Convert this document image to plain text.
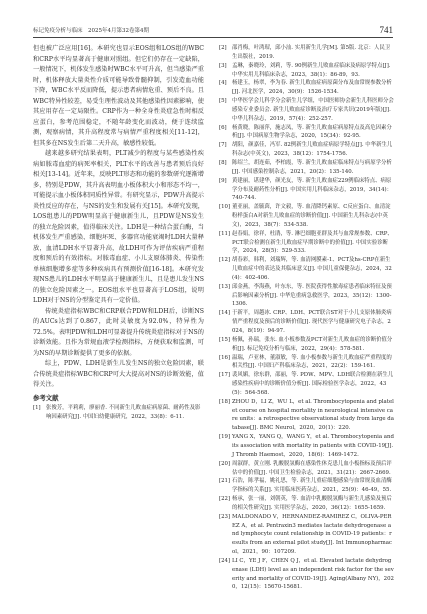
标记免疫分析与临床　2025年4月第32卷第4期	741

但也被广泛应用[16]。本研究也显示EOS组和LOS组的WBC和CRP水平均显著高于健康对照组。但它们仍存在一定缺陷，一般情况下，机体发生感染时WBC水平可升高，但当感染严重时，机体释放大量炎性介质可能导致骨髓抑制，引发造血功能下降，WBC水平反而降低，提示患者病情危重、预后不良。且WBC特异性较差，易受生理性波动及其他感染性因素影响，使其应用存在一定局限性。CRP作为一种全身性炎症急性时相反应蛋白，参考范围稳定，不随年龄变化而波动，便于连续监测，观察病情，其升高程度常与病情严重程度相关[11-12]，但其多在NS发生后第二天升高，敏感性较低。

越来越多研究结果表明，PLT减少的程度与某些感染性疾病如脓毒血症的病死率相关，PLT水平的改善与患者预后良好相关[13-14]。近年来，反映PLT形态和功能的参数研究逐渐增多，特别是PDW，其升高表明血小板体积大小和形态不均一，可能提示血小板体积同质性异常。有研究显示，PDW升高提示炎性反应的存在，与NS的发生和发展有关[15]。本研究发现，LOS组患儿的PDW明显高于健康新生儿，且PDW是NS发生的独立危险因素，值得临床关注。LDH是一种结合蛋白酶，当机体发生严重感染、细胞坏死、多器官功能衰竭时LDH大量释放，血清LDH水平显著升高，故LDH可作为评估疾病严重程度和预后的有效指标。对脓毒血症、小儿支原体肺炎、传染性单核细胞增多症等多种疾病具有预测价值[16-18]。本研究发现NS患儿的LDH水平明显高于健康新生儿，且是患儿发生NS的独立危险因素之一。EOS组水平也显著高于LOS组，说明LDH对于NS的分型鉴定具有一定价值。

传统炎症指标WBC和CRP联合PDW和LDH后，诊断NS的AUCs达到了0.867，此时灵敏度为92.0%，特异性为72.5%。表明PDW和LDH可显著提升传统炎症指标对于NS的诊断效能。且作为常规血液学检测指标，方便获取和监测，可为NS的早期诊断提供了更多的依据。

综上，PDW、LDH是新生儿发生NS的独立危险因素，联合传统炎症指标WBC和CRP可大大提高对NS的诊断效能，值得关注。

参考文献
[1] 张俊芳，平莉莉，廖丽香. 不同新生儿败血症病原菌、耐药性及影响因素研究[J]. 中国妇幼健康研究，2022，33(8)：6-11.
[2] 邵肖梅，叶鸿瑁，邱小汕. 实用新生儿学[M]. 第5版. 北京：人民卫生出版社，2019.
[3] 孟琳，秦晓玲，刘莉，等. 90例新生儿败血症临床及病原学特点[J]. 中华实用儿科临床杂志，2023，38(1)：86-89，93.
[4] 杨建玉，杨翠，李为春. 新生儿败血症病原菌分布及血常规参数分析[J]. 河北医学，2024，30(9)：1526-1534.
[5] 中华医学会儿科学分会新生儿学组，中国医师协会新生儿科医师分会感染专业委员会. 新生儿败血症诊断及治疗专家共识(2019年版)[J]. 中华儿科杂志，2019，57(4)：252-257.
[6] 杨黄晓，陈丽萍，施志凤，等. 新生儿败血症病原特点及高危因素分析[J]. 中国病原生物学杂志，2020，15(34)：92-95.
[7] 胡阳，颜嘉佳，冯军. 82例新生儿败血症病原学特点[J]. 中华新生儿科杂志(中英文)，2023，38(12)：1754-1756.
[8] 陈绍兰，胡连茹，李柏霞，等. 新生儿败血症临床特点与病原学分析[J]. 中国感染控制杂志，2021，20(2)：135-140.
[9] 黄建丽，谌建华，颜光友，等. 新生儿败血症229例临床特点、病原学分布及耐药性分析[J]. 中国实用儿科临床杂志，2019，34(14)：740-744.
[10] 董亚丽，盖毓茵，许文毅，等. 血清降钙素原、C反应蛋白、血清淀粉样蛋白A对新生儿败血症的诊断价值[J]. 中国新生儿科杂志(中英文)，2023，38(7)：534-538.
[11] 赵春娟，徐祥，杜鹃，等. 淋巴细胞亚群及其与血常规参数、CRP、PCT联合检测在新生儿败血症早期诊断中的价值[J]. 中国实验诊断学，2024，28(5)：529-533.
[12] 胡春彩，韩利，刘瑞辉，等. 血清网膜素-1、PCT及hs-CRP在新生儿败血症中的表达及其临床意义[J]. 中国儿童保健杂志，2024，32(4)：402-406.
[13] 邱金燕，李海燕，叶东东，等. 医院获得性脓毒症患者临床特征及预后影响因素分析[J]. 中华危重病急救医学，2023，35(12)：1300-1306.
[14] 于新平，周越冰. CRP、LDH、PCT联合ST对于小儿支原体肺炎病情严重程度及预后的诊断价值[J]. 现代医学与健康研究电子杂志，2024，8(19)：94-97.
[15] 杨佩，孙瑞，张东. 血小板参数及PCT对新生儿败血症的诊断价值分析[J]. 标记免疫分析与临床，2022，29(4)：578-581.
[16] 温瑞，卢亚林，董淑敏，等. 血小板参数与新生儿败血症严重程度的相关性[J]. 中国妇产科临床杂志，2021，22(2)：159-161.
[17] 裴风媚，徐东群，邵丽，等. PDW、MPV、LDH联合检测在新生儿感染性疾病中的诊断价值分析[J]. 国际检验医学杂志，2022，43(5)：564-568.
[18] ZHOU D，LI Z，WU L，et al. Thrombocytopenia and platelet course on hospital mortality in neurological intensive care units：a retrospective observational study from large database[J]. BMC Neurol，2020，20(1)：220.
[19] YANG X，YANG Q，WANG Y，et al. Thrombocytopenia and its association with mortality in patients with COVID-19[J]. J Thromb Haemost，2020，18(6)：1469-1472.
[20] 周淑群，黄立刚. 乳酸脱氢酶在感染性休克患儿血小板指标及预后评估中的价值[J]. 中国卫生检验杂志，2021，31(21)：2667-2669.
[21] 石浩，陈孝福，姚礼思，等. 新生儿重症细胞感染与血常规及血清酶学指标的关系[J]. 实用临床医药杂志，2021，25(9)：46-49，55.
[22] 杨承，张一丽，刘朝英，等. 血清中乳酸脱氢酶与新生儿感染及预后的相关性研究[J]. 实用医学杂志，2020，36(12)：1655-1659.
[23] MALDONADO V，HERNANDEZ-RAMIREZ C，OLIVA-PEREZ A，et al. Pentraxin3 mediates lactate dehydrogenase and lymphocyte count relationship in COVID-19 patients：results from an external pilot study[J]. Int Immunopharmacol，2021，90：107209.
[24] LI C，YE J F，CHEN Q J，et al. Elevated lactate dehydrogenase (LDH) level as an independent risk factor for the severity and mortality of COVID-19[J]. Aging(Albany NY)，2020，12(15)：15670-15681.
